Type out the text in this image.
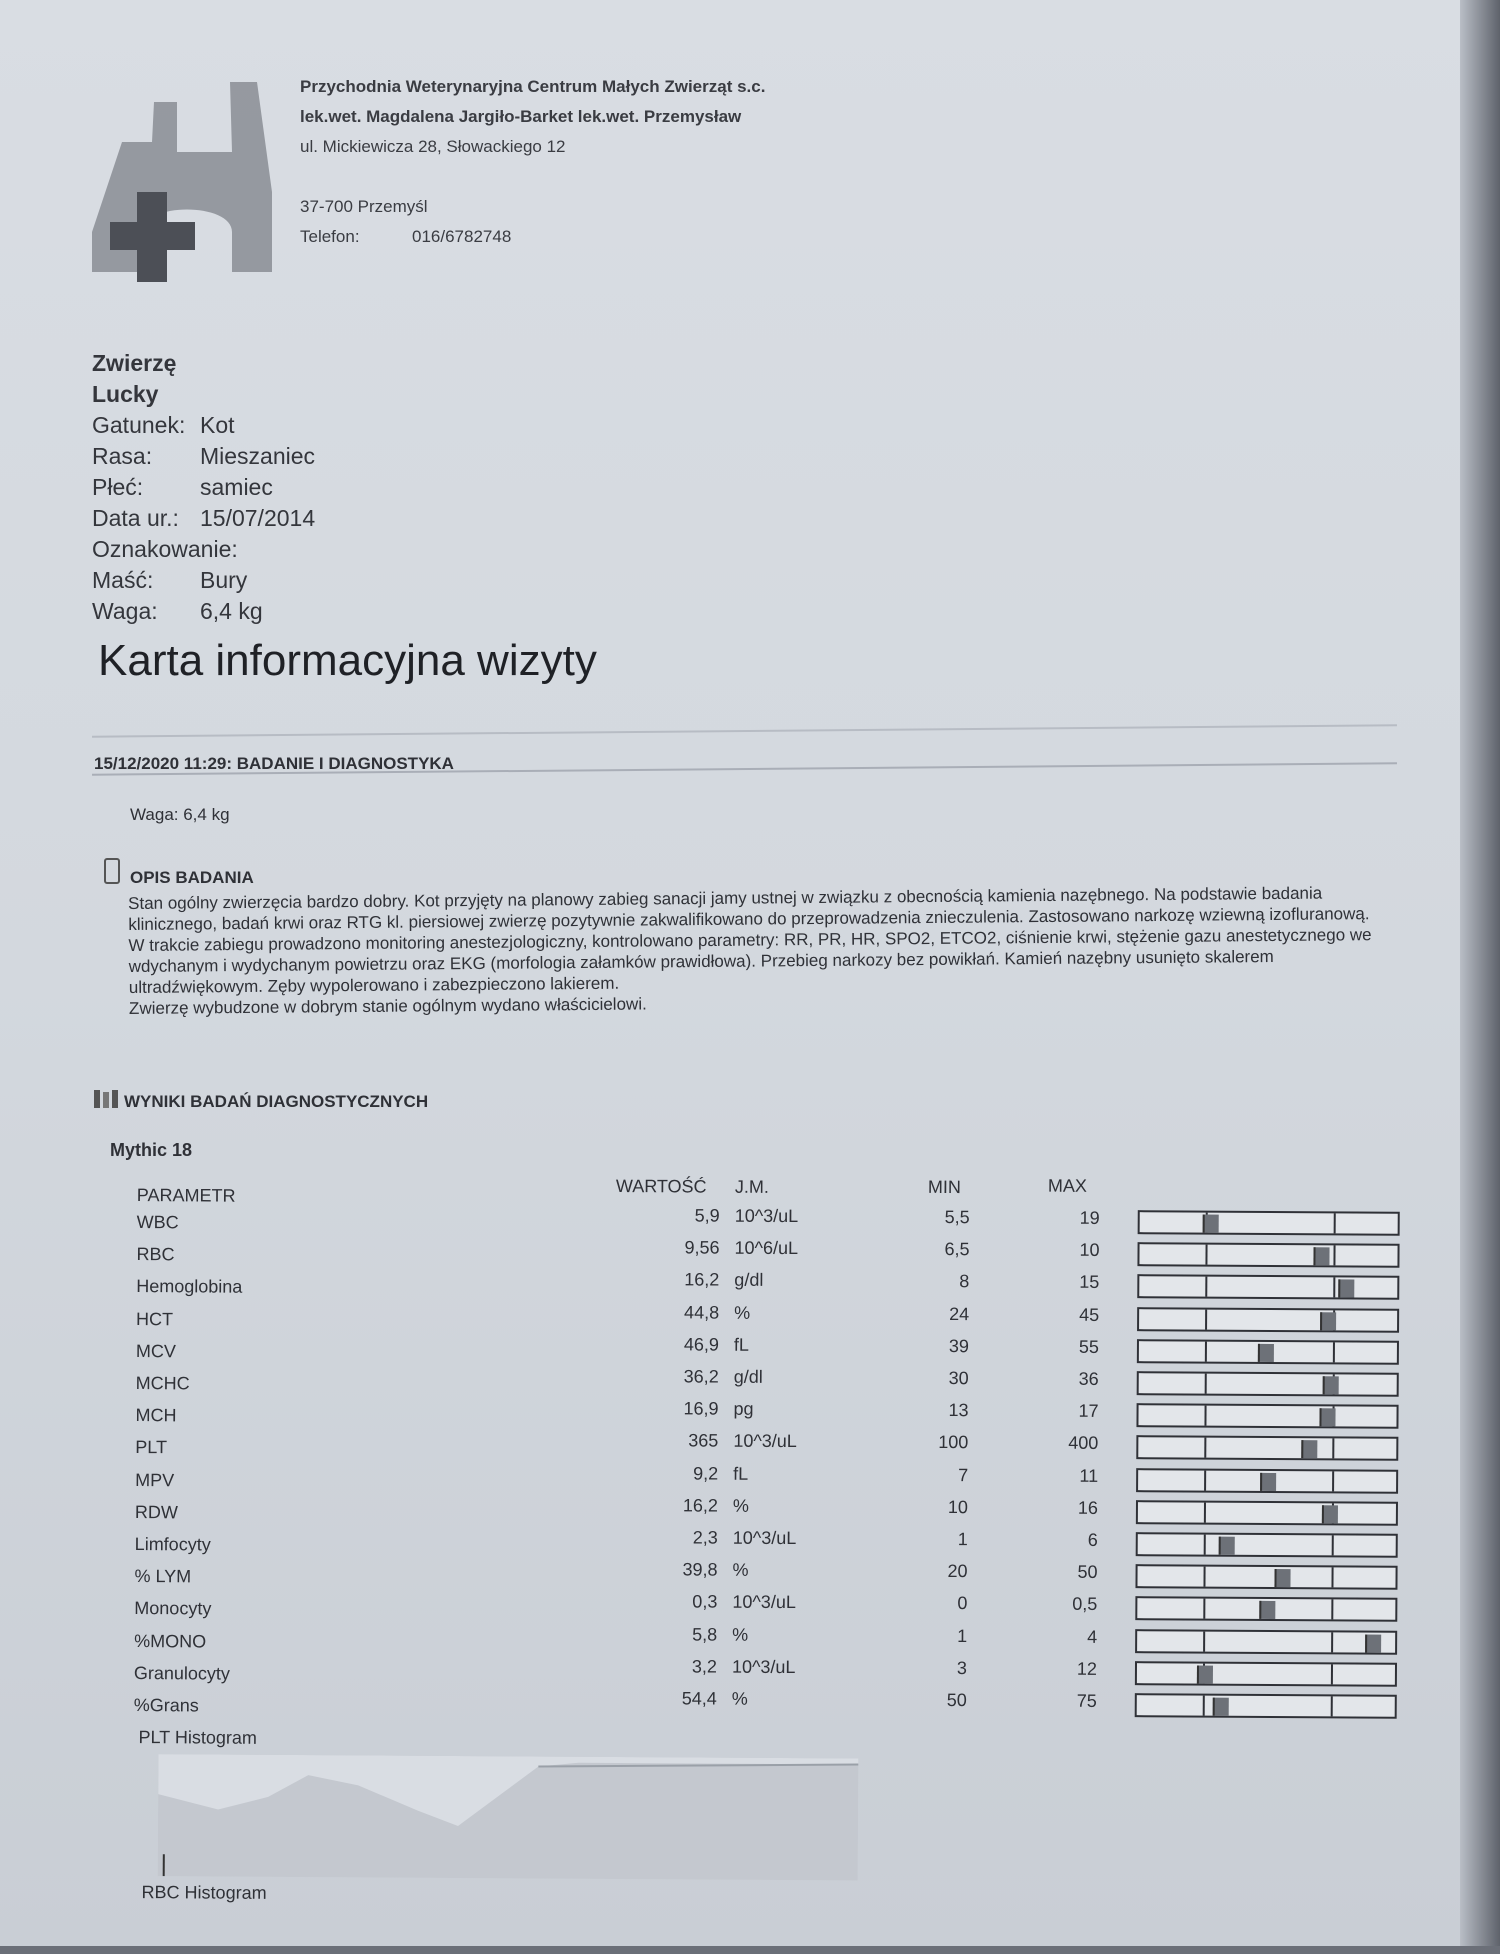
Przychodnia Weterynaryjna Centrum Małych Zwierząt s.c.
lek.wet. Magdalena Jargiło-Barket lek.wet. Przemysław
ul. Mickiewicza 28, Słowackiego 12
37-700 Przemyśl
Telefon:	016/6782748
Zwierzę
Lucky
Gatunek: Kot
Rasa: Mieszaniec
Płeć: samiec
Data ur.: 15/07/2014
Oznakowanie:
Maść: Bury
Waga: 6,4 kg
Karta informacyjna wizyty
15/12/2020 11:29: BADANIE I DIAGNOSTYKA
Waga: 6,4 kg
OPIS BADANIA
Stan ogólny zwierzęcia bardzo dobry. Kot przyjęty na planowy zabieg sanacji jamy ustnej w związku z obecnością kamienia nazębnego. Na podstawie badania klinicznego, badań krwi oraz RTG kl. piersiowej zwierzę pozytywnie zakwalifikowano do przeprowadzenia znieczulenia. Zastosowano narkozę wziewną izofluranową. W trakcie zabiegu prowadzono monitoring anestezjologiczny, kontrolowano parametry: RR, PR, HR, SPO2, ETCO2, ciśnienie krwi, stężenie gazu anestetycznego we wdychanym i wydychanym powietrzu oraz EKG (morfologia załamków prawidłowa). Przebieg narkozy bez powikłań. Kamień nazębny usunięto skalerem ultradźwiękowym. Zęby wypolerowano i zabezpieczono lakierem.
Zwierzę wybudzone w dobrym stanie ogólnym wydano właścicielowi.
WYNIKI BADAŃ DIAGNOSTYCZNYCH
Mythic 18
PARAMETR	WARTOŚĆ J.M.	MIN	MAX
WBC	5,9 10^3/uL	5,5	19
RBC	9,56 10^6/uL	6,5	10
Hemoglobina	16,2 g/dl	8	15
HCT	44,8 %	24	45
MCV	46,9 fL	39	55
MCHC	36,2 g/dl	30	36
MCH	16,9 pg	13	17
PLT	365 10^3/uL	100	400
MPV	9,2 fL	7	11
RDW	16,2 %	10	16
Limfocyty	2,3 10^3/uL	1	6
% LYM	39,8 %	20	50
Monocyty	0,3 10^3/uL	0	0,5
%MONO	5,8 %	1	4
Granulocyty	3,2 10^3/uL	3	12
%Grans	54,4 %	50	75
PLT Histogram
RBC Histogram
